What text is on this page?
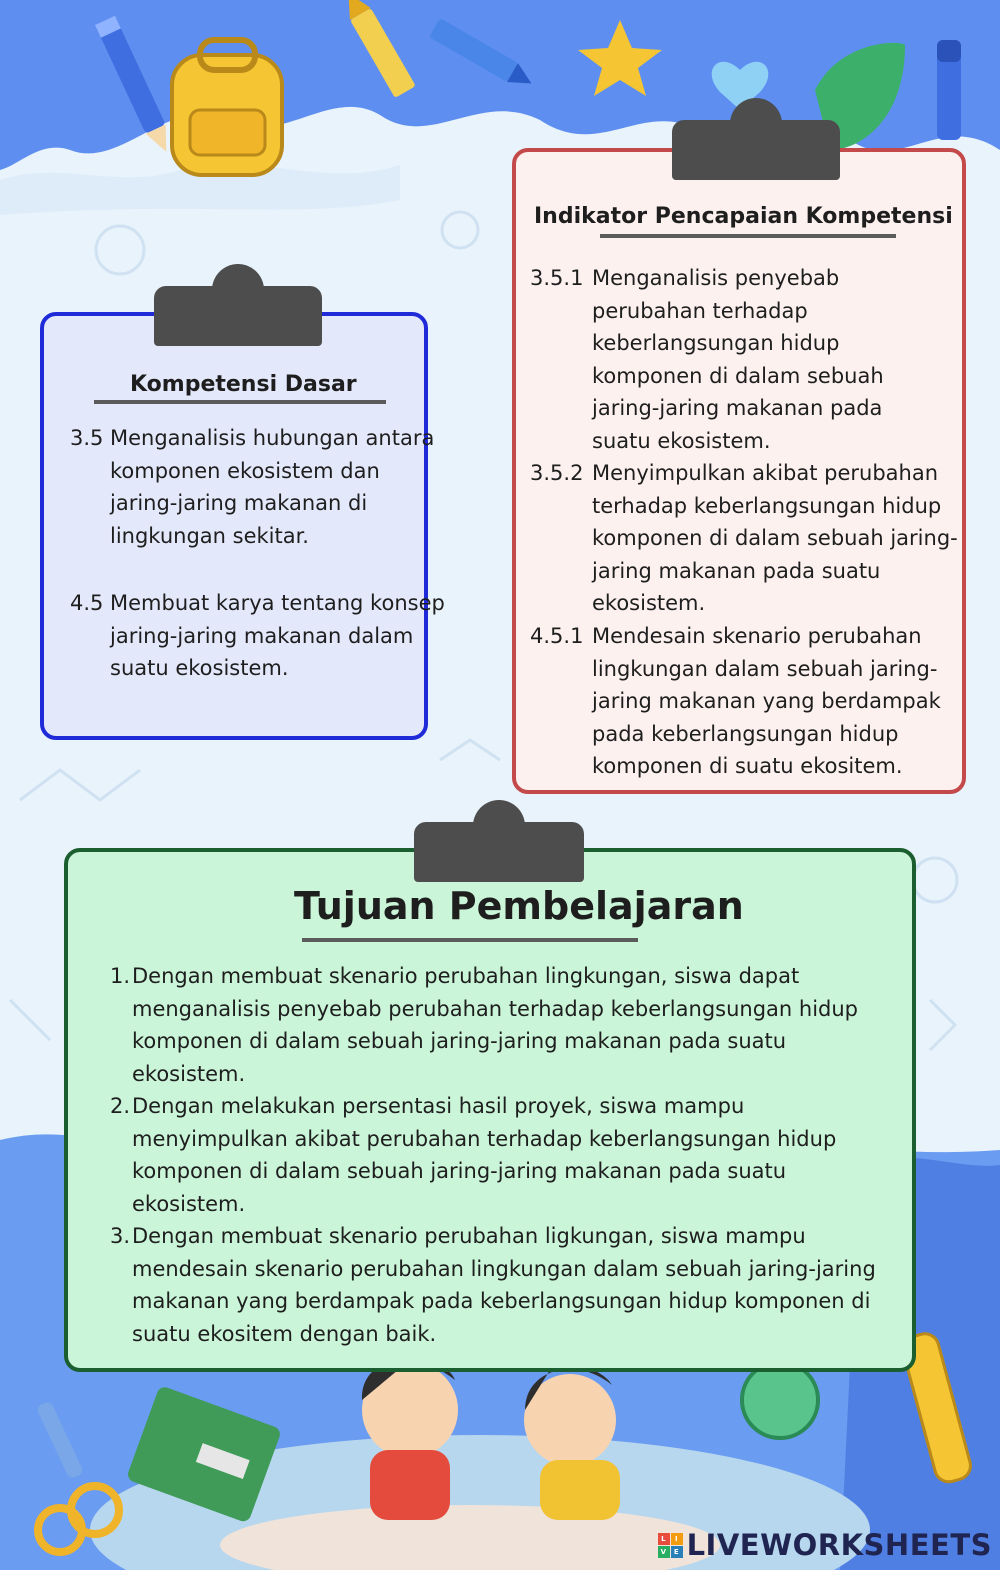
Kompetensi Dasar
3.5 Menganalisis hubungan antara komponen ekosistem dan jaring-jaring makanan di lingkungan sekitar.
4.5 Membuat karya tentang konsep jaring-jaring makanan dalam suatu ekosistem.
Indikator Pencapaian Kompetensi
3.5.1 Menganalisis penyebab perubahan terhadap keberlangsungan hidup komponen di dalam sebuah jaring-jaring makanan pada suatu ekosistem.
3.5.2 Menyimpulkan akibat perubahan terhadap keberlangsungan hidup komponen di dalam sebuah jaring-jaring makanan pada suatu ekosistem.
4.5.1 Mendesain skenario perubahan lingkungan dalam sebuah jaring-jaring makanan yang berdampak pada keberlangsungan hidup komponen di suatu ekositem.
Tujuan Pembelajaran
1. Dengan membuat skenario perubahan lingkungan, siswa dapat menganalisis penyebab perubahan terhadap keberlangsungan hidup komponen di dalam sebuah jaring-jaring makanan pada suatu ekosistem.
2. Dengan melakukan persentasi hasil proyek, siswa mampu menyimpulkan akibat perubahan terhadap keberlangsungan hidup komponen di dalam sebuah jaring-jaring makanan pada suatu ekosistem.
3. Dengan membuat skenario perubahan ligkungan, siswa mampu mendesain skenario perubahan lingkungan dalam sebuah jaring-jaring makanan yang berdampak pada keberlangsungan hidup komponen di suatu ekositem dengan baik.
L	I
V	E LIVEWORKSHEETS
